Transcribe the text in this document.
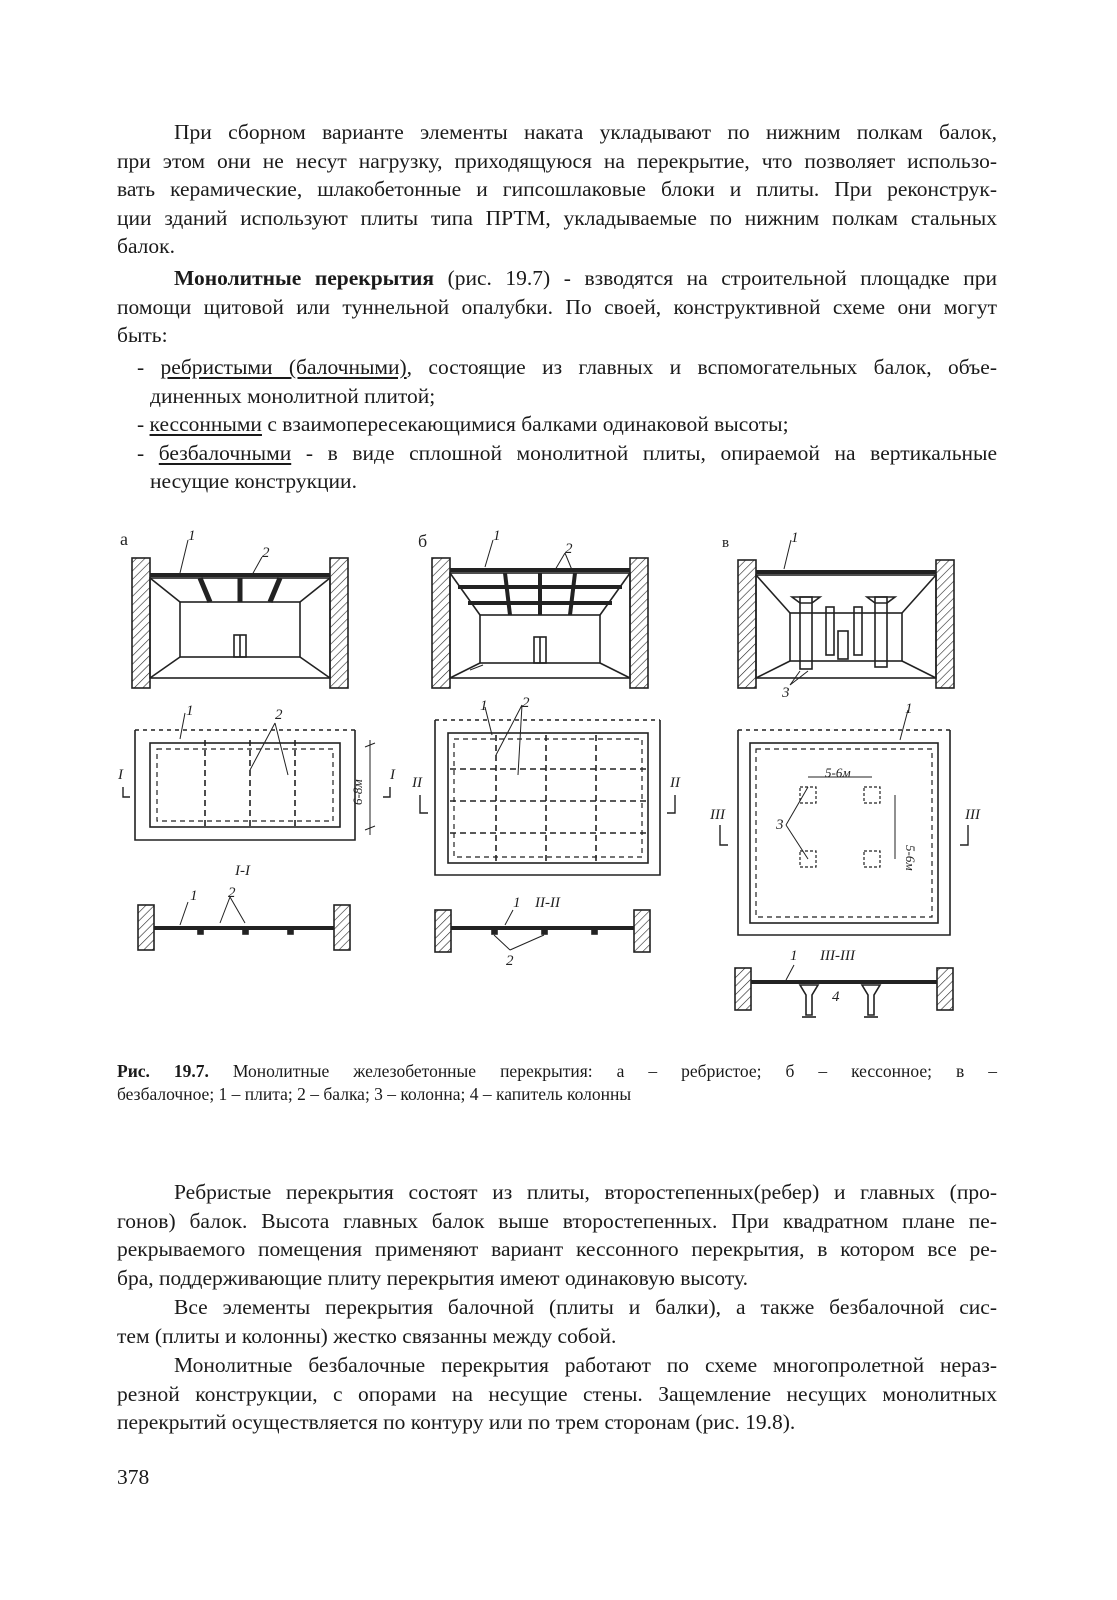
При сборном варианте элементы наката укладывают по нижним полкам балок,
при этом они не несут нагрузку, приходящуюся на перекрытие, что позволяет использо-
вать керамические, шлакобетонные и гипсошлаковые блоки и плиты. При реконструк-
ции зданий используют плиты типа ПРТМ, укладываемые по нижним полкам стальных
балок.
Монолитные перекрытия (рис. 19.7) - взводятся на строительной площадке при
помощи щитовой или туннельной опалубки. По своей, конструктивной схеме они могут
быть:
- ребристыми (балочными), состоящие из главных и вспомогательных балок, объе-
диненных монолитной плитой;
- кессонными с взаимопересекающимися балками одинаковой высоты;
- безбалочными - в виде сплошной монолитной плиты, опираемой на вертикальные
несущие конструкции.
а	б	в
1
2
1
2
1
3
1	2
I	I
6-8м
I-I
1 2
1 2
II	II
1 II-II
2
1
5-6м
5-6м
3
III	III
1 III-III
4
Рис. 19.7. Монолитные железобетонные перекрытия: а – ребристое; б – кессонное; в –
безбалочное; 1 – плита; 2 – балка; 3 – колонна; 4 – капитель колонны
Ребристые перекрытия состоят из плиты, второстепенных(ребер) и главных (про-
гонов) балок. Высота главных балок выше второстепенных. При квадратном плане пе-
рекрываемого помещения применяют вариант кессонного перекрытия, в котором все ре-
бра, поддерживающие плиту перекрытия имеют одинаковую высоту.
Все элементы перекрытия балочной (плиты и балки), а также безбалочной сис-
тем (плиты и колонны) жестко связанны между собой.
Монолитные безбалочные перекрытия работают по схеме многопролетной нераз-
резной конструкции, с опорами на несущие стены. Защемление несущих монолитных
перекрытий осуществляется по контуру или по трем сторонам (рис. 19.8).
378
